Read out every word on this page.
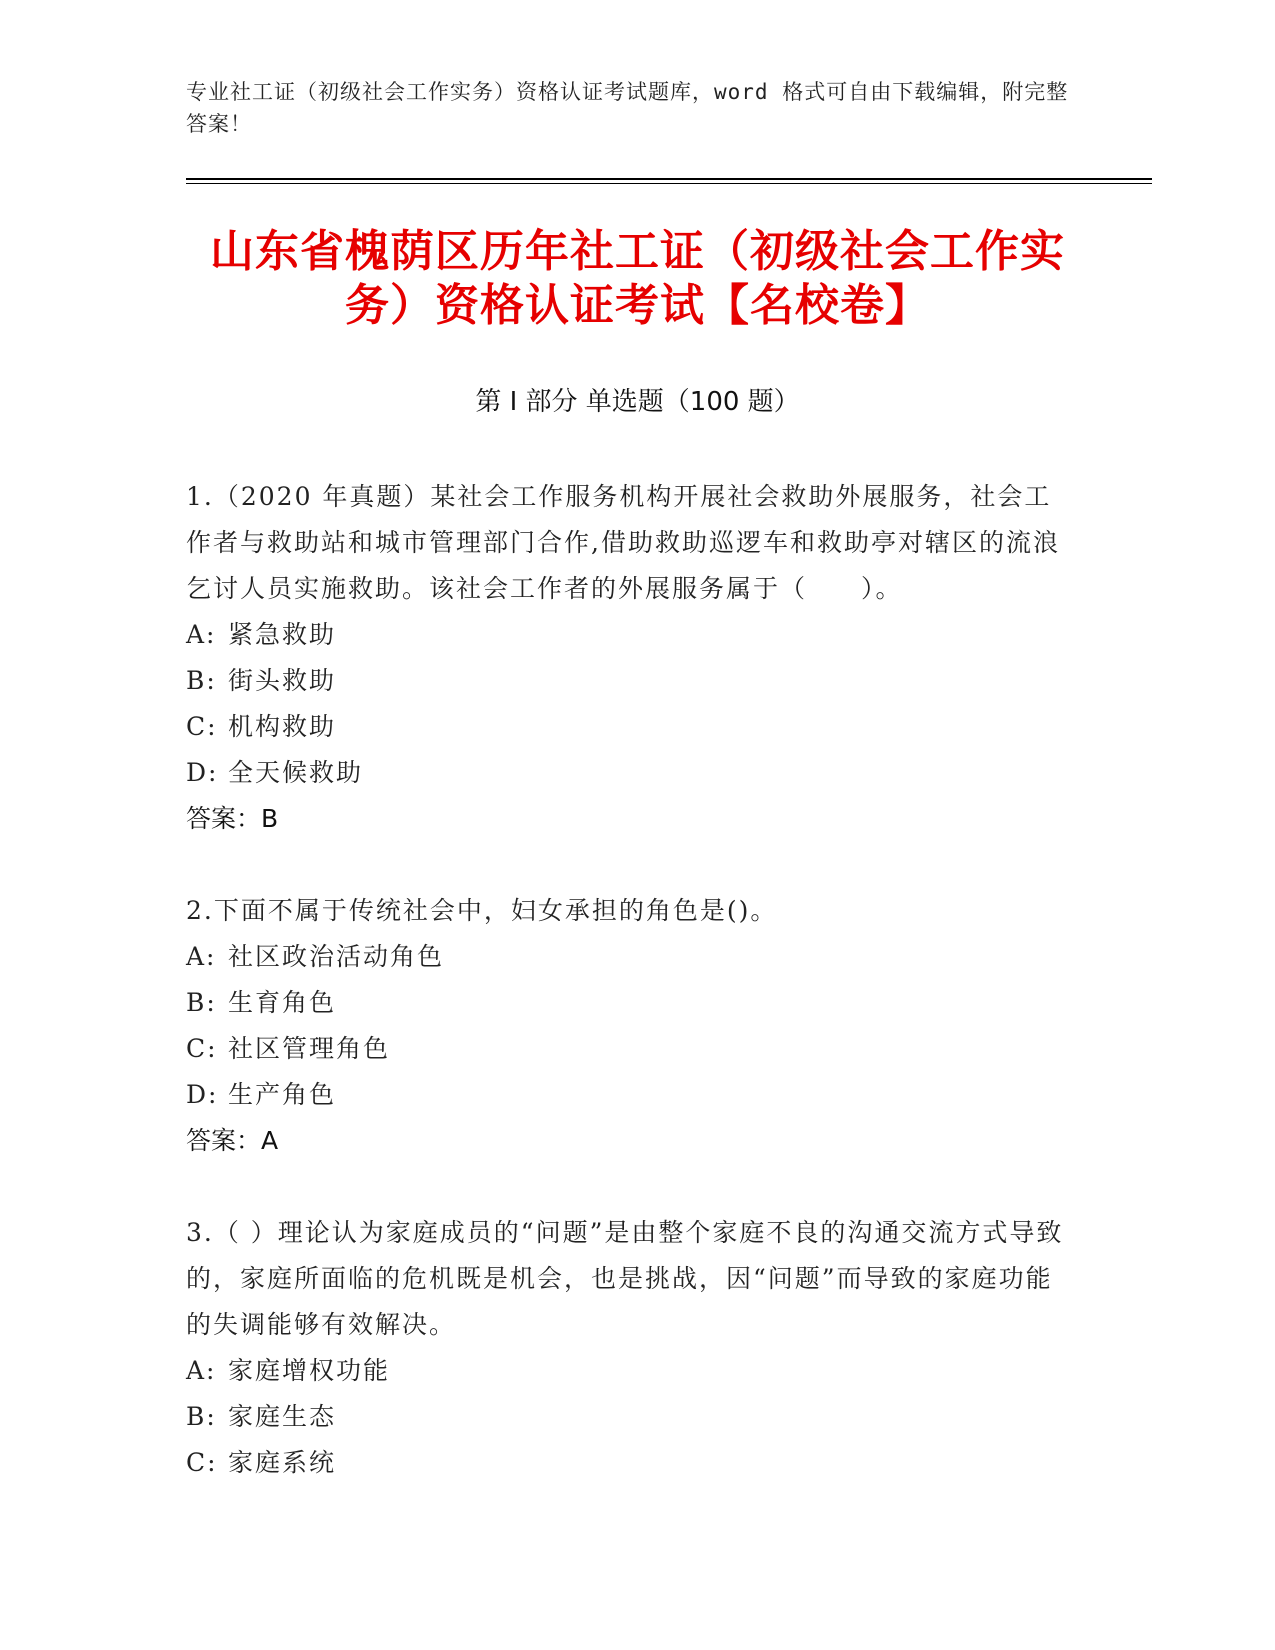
专业社工证（初级社会工作实务）资格认证考试题库，word 格式可自由下载编辑，附完整答案！
山东省槐荫区历年社工证（初级社会工作实务）资格认证考试【名校卷】
第 I 部分 单选题（100 题）

1.（2020 年真题）某社会工作服务机构开展社会救助外展服务，社会工作者与救助站和城市管理部门合作,借助救助巡逻车和救助亭对辖区的流浪乞讨人员实施救助。该社会工作者的外展服务属于（　　）。

A: 紧急救助

B: 街头救助

C: 机构救助

D: 全天候救助

答案：B

2.下面不属于传统社会中，妇女承担的角色是()。

A: 社区政治活动角色

B: 生育角色

C: 社区管理角色

D: 生产角色

答案：A

3.（ ）理论认为家庭成员的“问题”是由整个家庭不良的沟通交流方式导致的，家庭所面临的危机既是机会，也是挑战，因“问题”而导致的家庭功能的失调能够有效解决。

A: 家庭增权功能

B: 家庭生态

C: 家庭系统
